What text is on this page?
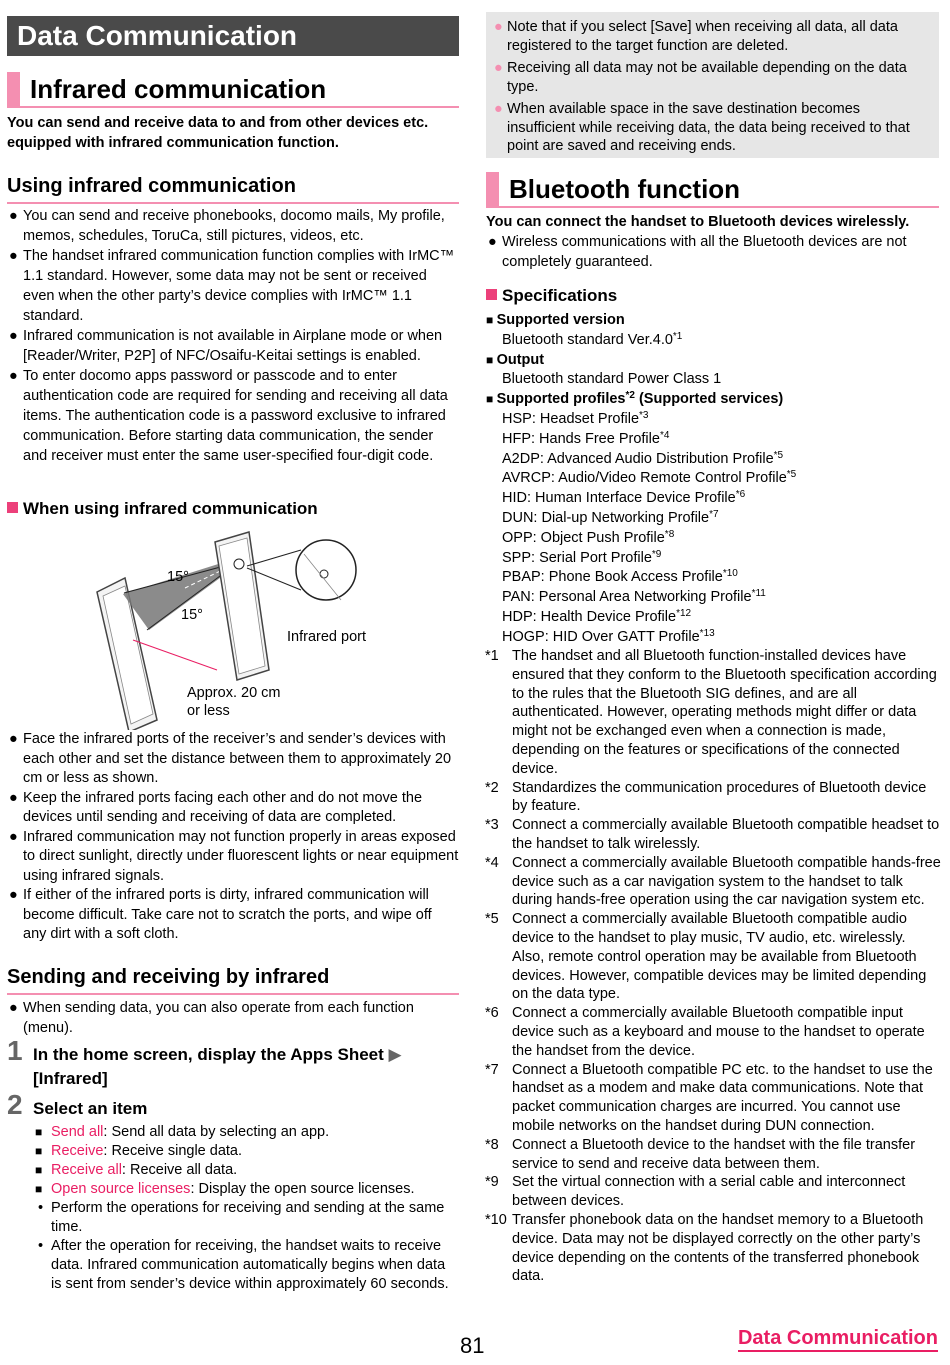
Data Communication
Infrared communication
You can send and receive data to and from other devices etc. equipped with infrared communication function.
Using infrared communication
● You can send and receive phonebooks, docomo mails, My profile, memos, schedules, ToruCa, still pictures, videos, etc.
● The handset infrared communication function complies with IrMC™ 1.1 standard. However, some data may not be sent or received even when the other party’s device complies with IrMC™ 1.1 standard.
● Infrared communication is not available in Airplane mode or when [Reader/Writer, P2P] of NFC/Osaifu-Keitai settings is enabled.
● To enter docomo apps password or passcode and to enter authentication code are required for sending and receiving all data items. The authentication code is a password exclusive to infrared communication. Before starting data communication, the sender and receiver must enter the same user-specified four-digit code.
When using infrared communication
15°
15°
Infrared port
Approx. 20 cm
or less
● Face the infrared ports of the receiver’s and sender’s devices with each other and set the distance between them to approximately 20 cm or less as shown.
● Keep the infrared ports facing each other and do not move the devices until sending and receiving of data are completed.
● Infrared communication may not function properly in areas exposed to direct sunlight, directly under fluorescent lights or near equipment using infrared signals.
● If either of the infrared ports is dirty, infrared communication will become difficult. Take care not to scratch the ports, and wipe off any dirt with a soft cloth.
Sending and receiving by infrared
● When sending data, you can also operate from each function (menu).
1 In the home screen, display the Apps Sheet ▶
[Infrared]
2 Select an item
■ Send all: Send all data by selecting an app.
■ Receive: Receive single data.
■ Receive all: Receive all data.
■ Open source licenses: Display the open source licenses.
• Perform the operations for receiving and sending at the same time.
• After the operation for receiving, the handset waits to receive data. Infrared communication automatically begins when data is sent from sender’s device within approximately 60 seconds.
● Note that if you select [Save] when receiving all data, all data registered to the target function are deleted.
● Receiving all data may not be available depending on the data type.
● When available space in the save destination becomes insufficient while receiving data, the data being received to that point are saved and receiving ends.
Bluetooth function
You can connect the handset to Bluetooth devices wirelessly.
● Wireless communications with all the Bluetooth devices are not completely guaranteed.
Specifications
■ Supported version
Bluetooth standard Ver.4.0$^{*1}$
■ Output
Bluetooth standard Power Class 1
■ Supported profiles$^{*2}$ (Supported services)
HSP: Headset Profile$^{*3}$
HFP: Hands Free Profile$^{*4}$
A2DP: Advanced Audio Distribution Profile$^{*5}$
AVRCP: Audio/Video Remote Control Profile$^{*5}$
HID: Human Interface Device Profile$^{*6}$
DUN: Dial-up Networking Profile$^{*7}$
OPP: Object Push Profile$^{*8}$
SPP: Serial Port Profile$^{*9}$
PBAP: Phone Book Access Profile$^{*10}$
PAN: Personal Area Networking Profile$^{*11}$
HDP: Health Device Profile$^{*12}$
HOGP: HID Over GATT Profile$^{*13}$
*1 The handset and all Bluetooth function-installed devices have ensured that they conform to the Bluetooth specification according to the rules that the Bluetooth SIG defines, and are all authenticated. However, operating methods might differ or data might not be exchanged even when a connection is made, depending on the features or specifications of the connected device.
*2 Standardizes the communication procedures of Bluetooth device by feature.
*3 Connect a commercially available Bluetooth compatible headset to the handset to talk wirelessly.
*4 Connect a commercially available Bluetooth compatible hands-free device such as a car navigation system to the handset to talk during hands-free operation using the car navigation system etc.
*5 Connect a commercially available Bluetooth compatible audio device to the handset to play music, TV audio, etc. wirelessly. Also, remote control operation may be available from Bluetooth devices. However, compatible devices may be limited depending on the data type.
*6 Connect a commercially available Bluetooth compatible input device such as a keyboard and mouse to the handset to operate the handset from the device.
*7 Connect a Bluetooth compatible PC etc. to the handset to use the handset as a modem and make data communications. Note that packet communication charges are incurred. You cannot use mobile networks on the handset during DUN connection.
*8 Connect a Bluetooth device to the handset with the file transfer service to send and receive data between them.
*9 Set the virtual connection with a serial cable and interconnect between devices.
*10 Transfer phonebook data on the handset memory to a Bluetooth device. Data may not be displayed correctly on the other party’s device depending on the contents of the transferred phonebook data.
81	Data Communication
